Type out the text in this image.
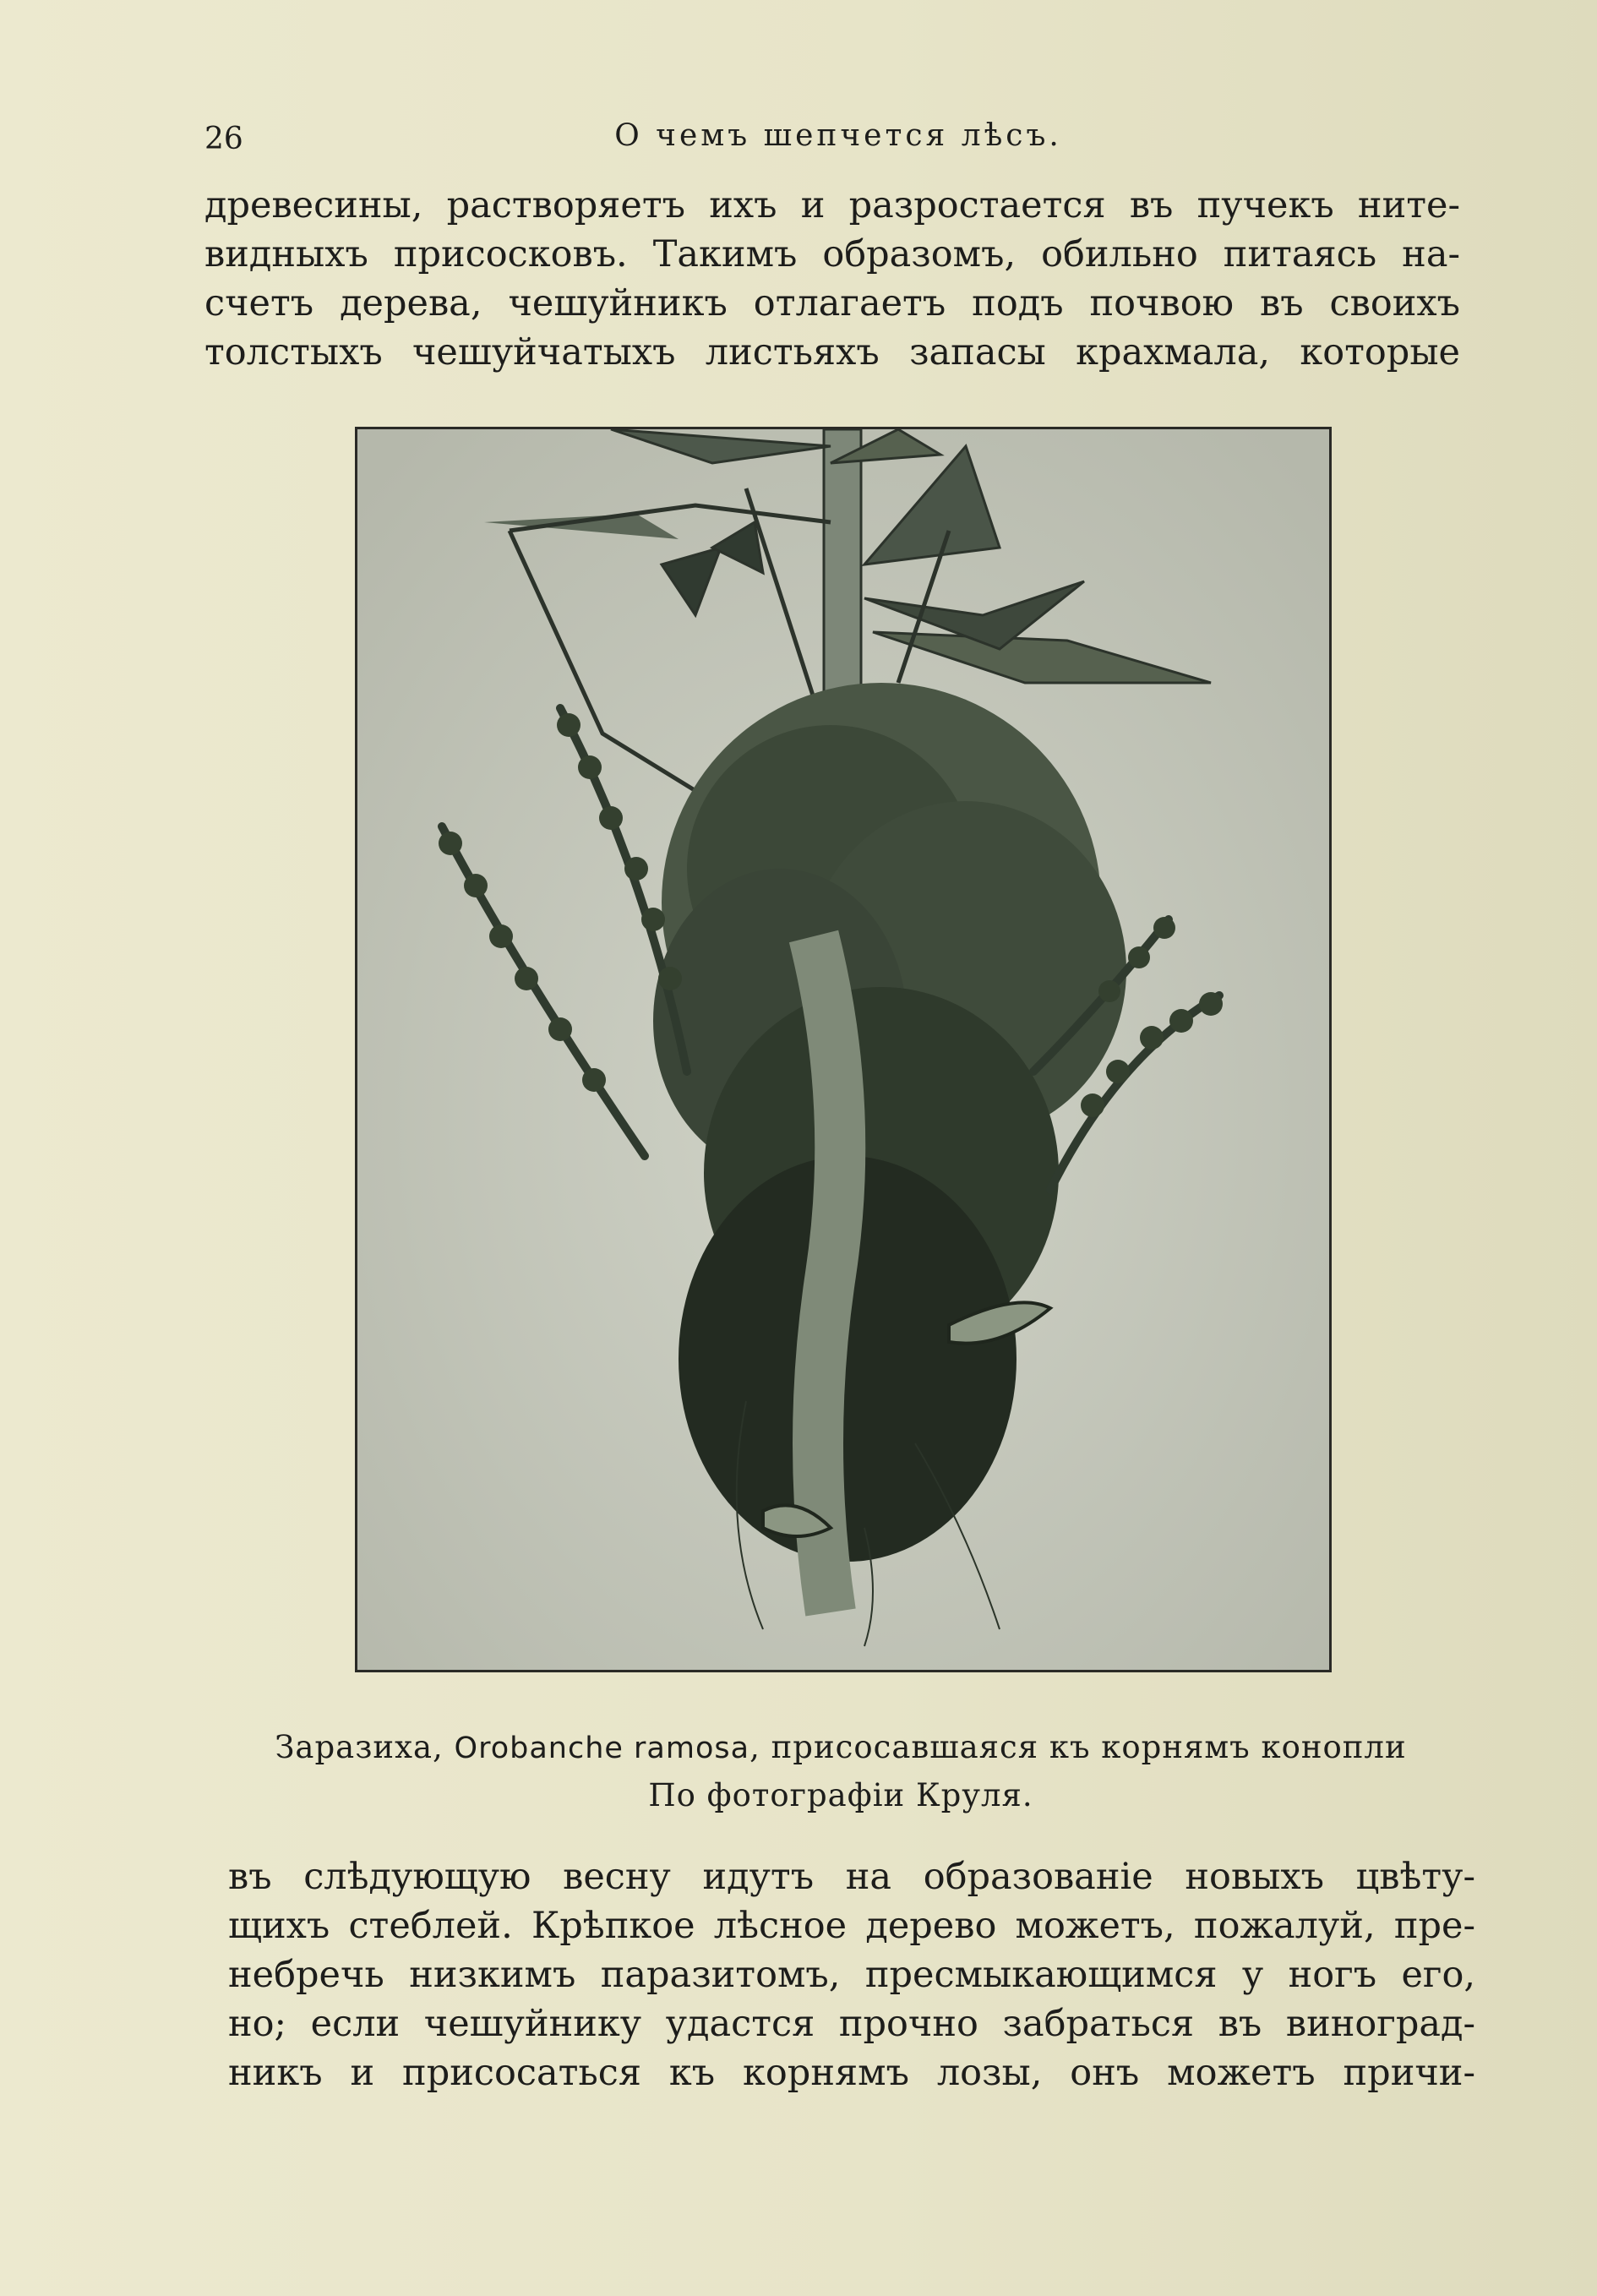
26	О чемъ шепчется лѣсъ.
древесины, растворяетъ ихъ и разростается въ пучекъ ните-
видныхъ присосковъ. Такимъ образомъ, обильно питаясь на-
счетъ дерева, чешуйникъ отлагаетъ подъ почвою въ своихъ
толстыхъ чешуйчатыхъ листьяхъ запасы крахмала, которые
Заразиха, Orobanche ramosa, присосавшаяся къ корнямъ конопли
По фотографіи Круля.
въ слѣдующую весну идутъ на образованіе новыхъ цвѣту-
щихъ стеблей. Крѣпкое лѣсное дерево можетъ, пожалуй, пре-
небречь низкимъ паразитомъ, пресмыкающимся у ногъ его,
но; если чешуйнику удастся прочно забраться въ виноград-
никъ и присосаться къ корнямъ лозы, онъ можетъ причи-
